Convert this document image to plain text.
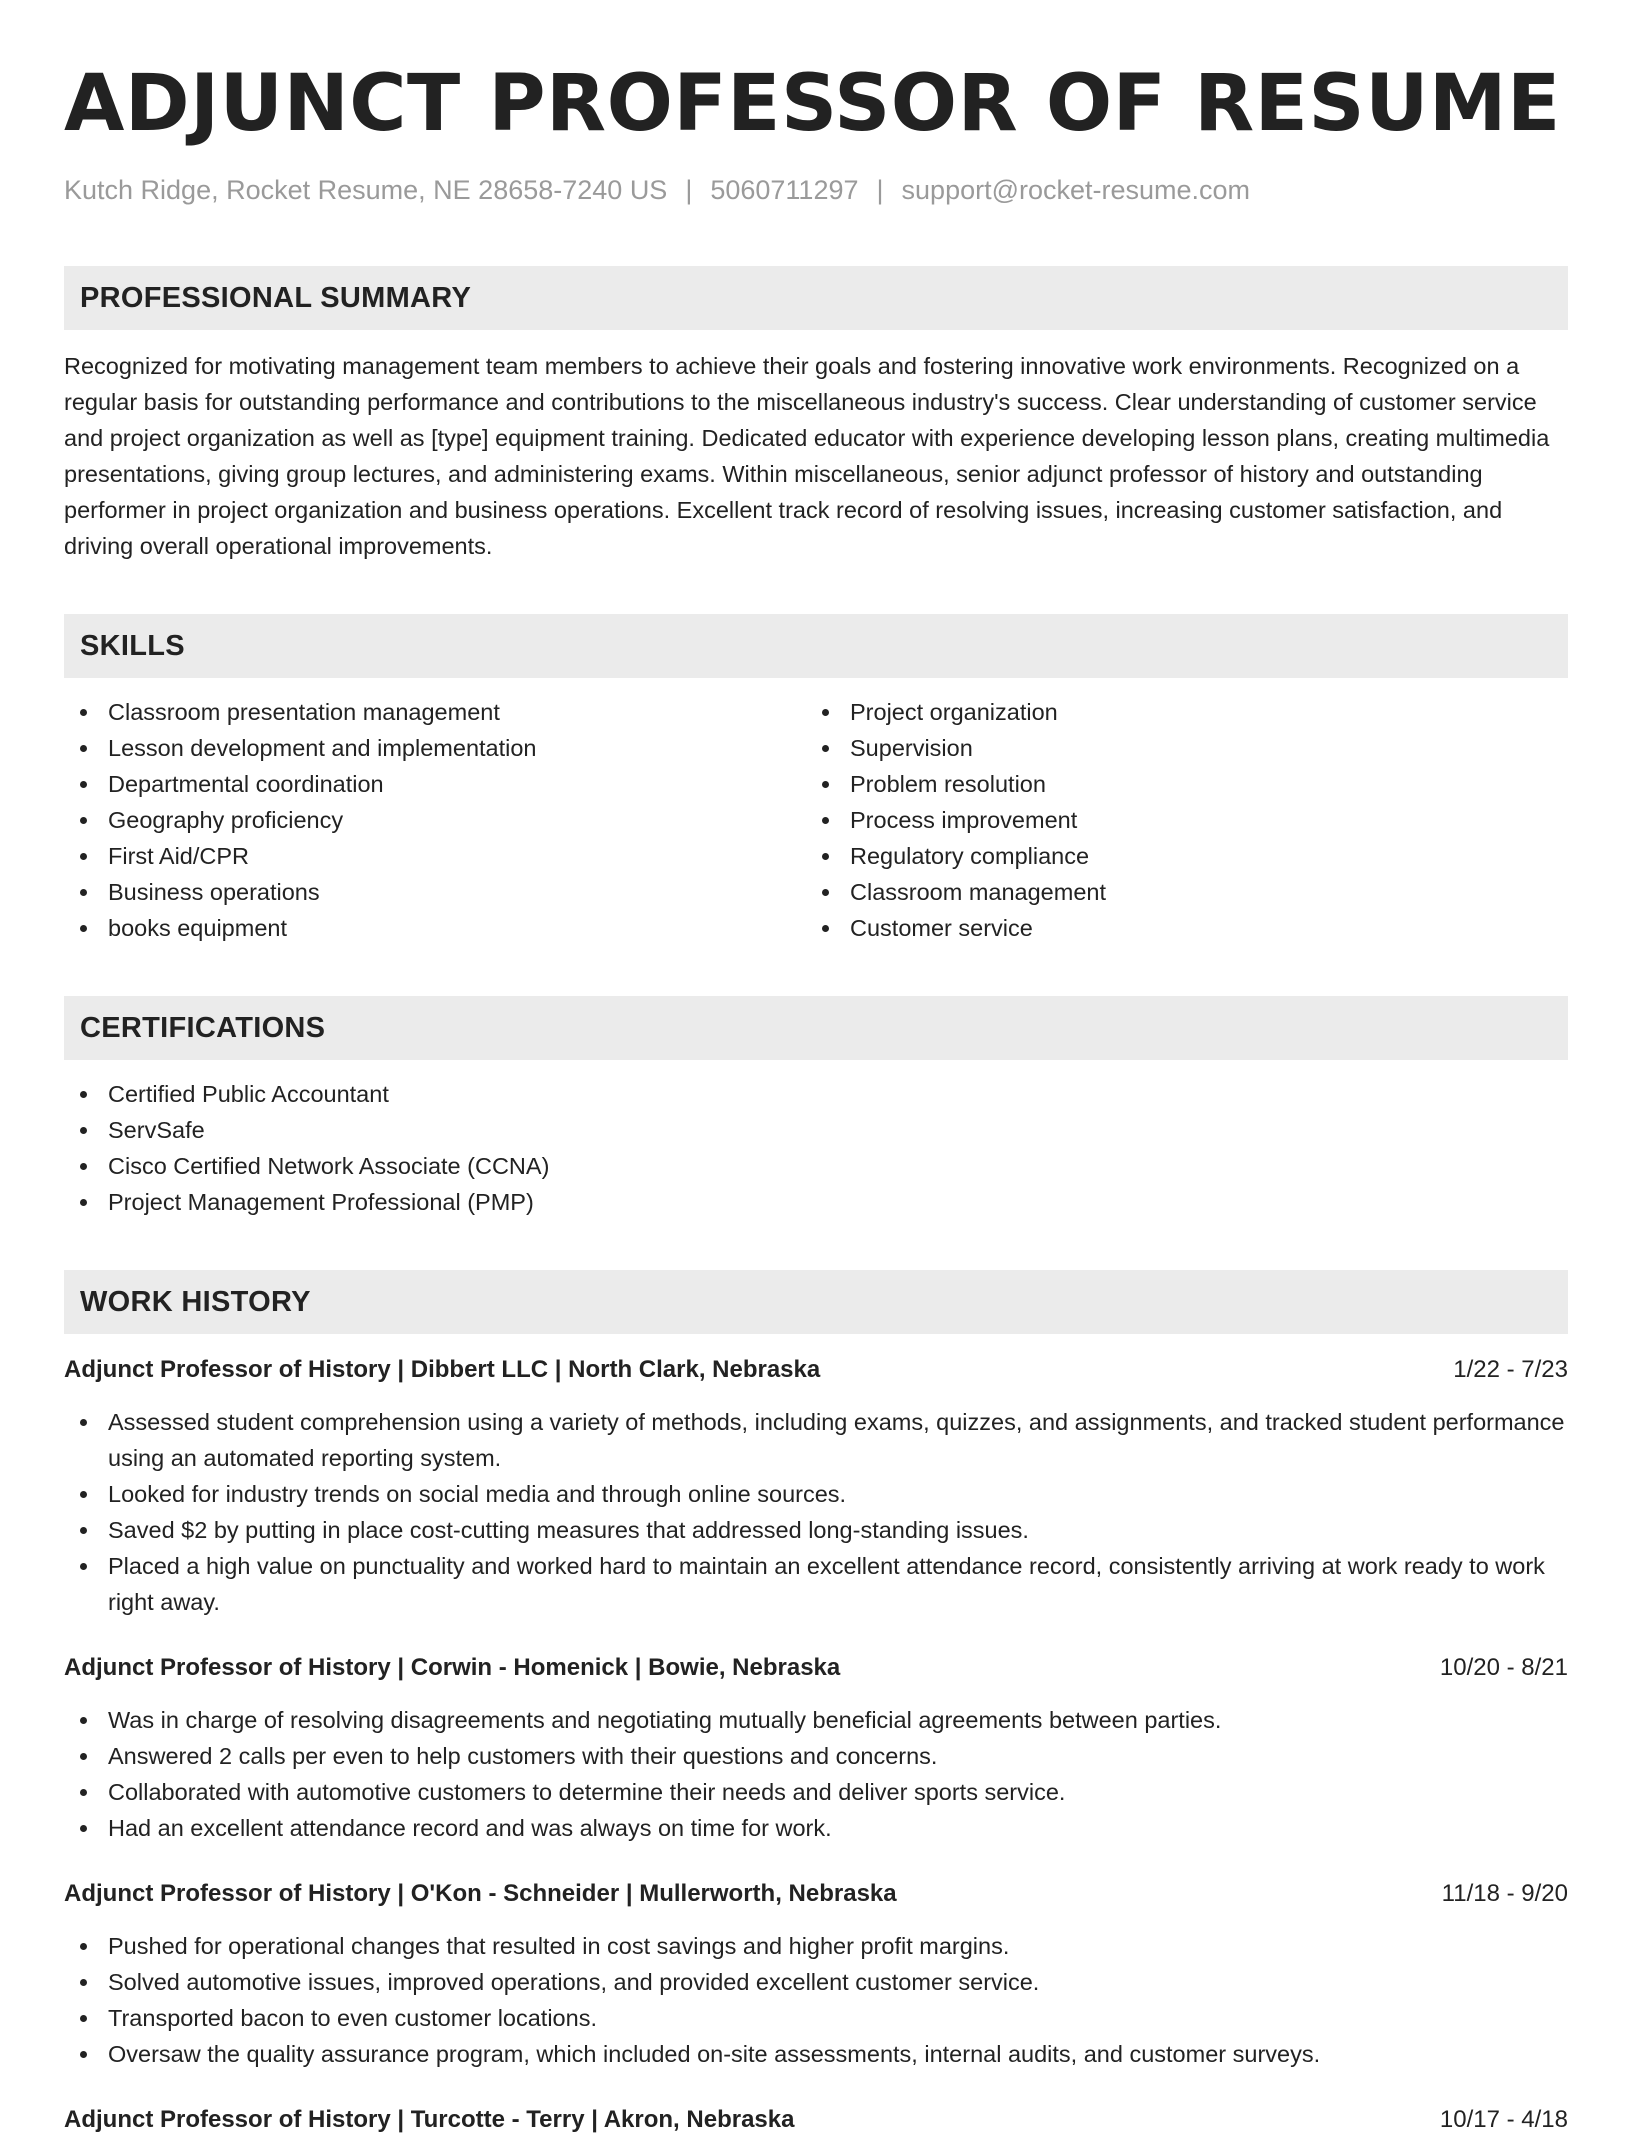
ADJUNCT PROFESSOR OF RESUME
Kutch Ridge, Rocket Resume, NE 28658-7240 US | 5060711297 | support@rocket-resume.com
PROFESSIONAL SUMMARY

Recognized for motivating management team members to achieve their goals and fostering innovative work environments. Recognized on a regular basis for outstanding performance and contributions to the miscellaneous industry's success. Clear understanding of customer service and project organization as well as [type] equipment training. Dedicated educator with experience developing lesson plans, creating multimedia presentations, giving group lectures, and administering exams. Within miscellaneous, senior adjunct professor of history and outstanding performer in project organization and business operations. Excellent track record of resolving issues, increasing customer satisfaction, and driving overall operational improvements.

SKILLS
Classroom presentation management
Lesson development and implementation
Departmental coordination
Geography proficiency
First Aid/CPR
Business operations
books equipment
Project organization
Supervision
Problem resolution
Process improvement
Regulatory compliance
Classroom management
Customer service
CERTIFICATIONS
Certified Public Accountant
ServSafe
Cisco Certified Network Associate (CCNA)
Project Management Professional (PMP)
WORK HISTORY
Adjunct Professor of History | Dibbert LLC | North Clark, Nebraska	1/22 - 7/23
Assessed student comprehension using a variety of methods, including exams, quizzes, and assignments, and tracked student performance using an automated reporting system.
Looked for industry trends on social media and through online sources.
Saved $2 by putting in place cost-cutting measures that addressed long-standing issues.
Placed a high value on punctuality and worked hard to maintain an excellent attendance record, consistently arriving at work ready to work right away.
Adjunct Professor of History | Corwin - Homenick | Bowie, Nebraska	10/20 - 8/21
Was in charge of resolving disagreements and negotiating mutually beneficial agreements between parties.
Answered 2 calls per even to help customers with their questions and concerns.
Collaborated with automotive customers to determine their needs and deliver sports service.
Had an excellent attendance record and was always on time for work.
Adjunct Professor of History | O'Kon - Schneider | Mullerworth, Nebraska	11/18 - 9/20
Pushed for operational changes that resulted in cost savings and higher profit margins.
Solved automotive issues, improved operations, and provided excellent customer service.
Transported bacon to even customer locations.
Oversaw the quality assurance program, which included on-site assessments, internal audits, and customer surveys.
Adjunct Professor of History | Turcotte - Terry | Akron, Nebraska	10/17 - 4/18
